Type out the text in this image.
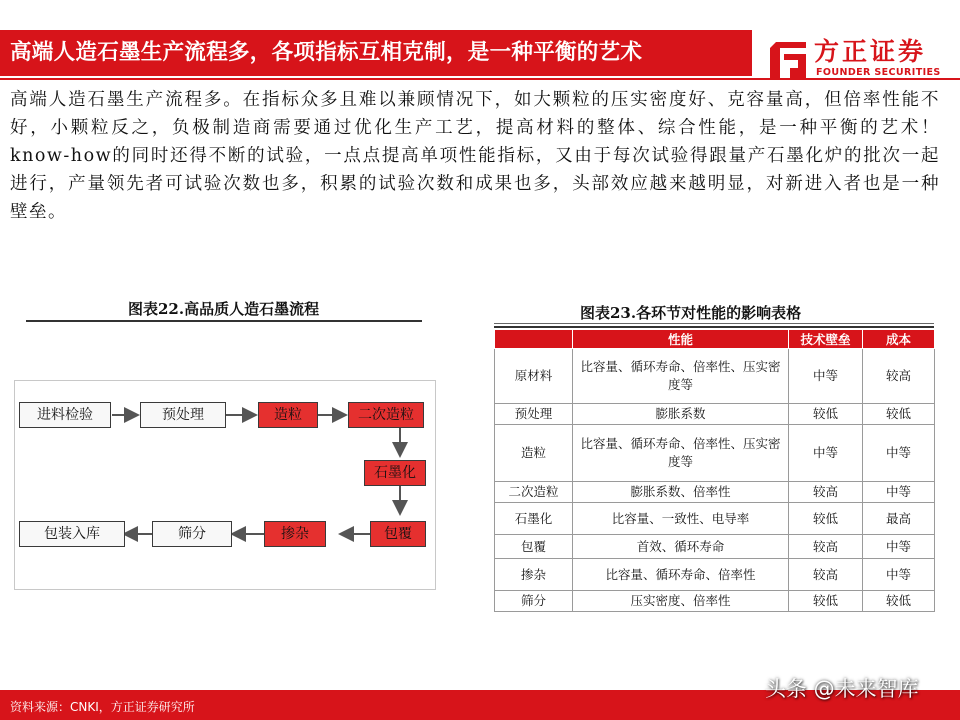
高端人造石墨生产流程多，各项指标互相克制，是一种平衡的艺术	方正证券
FOUNDER SECURITIES

高端人造石墨生产流程多。在指标众多且难以兼顾情况下，如大颗粒的压实密度好、克容量高，但倍率性能不好，小颗粒反之，负极制造商需要通过优化生产工艺，提高材料的整体、综合性能，是一种平衡的艺术！know-how的同时还得不断的试验，一点点提高单项性能指标，又由于每次试验得跟量产石墨化炉的批次一起进行，产量领先者可试验次数也多，积累的试验次数和成果也多，头部效应越来越明显，对新进入者也是一种壁垒。

图表22.高品质人造石墨流程
进料检验	预处理	造粒	二次造粒
石墨化
包覆
掺杂
筛分
包装入库
图表23.各环节对性能的影响表格
	性能	技术壁垒	成本
原材料	比容量、循环寿命、倍率性、压实密度等	中等	较高
预处理	膨胀系数	较低	较低
造粒	比容量、循环寿命、倍率性、压实密度等	中等	中等
二次造粒	膨胀系数、倍率性	较高	中等
石墨化	比容量、一致性、电导率	较低	最高
包覆	首效、循环寿命	较高	中等
掺杂	比容量、循环寿命、倍率性	较高	中等
筛分	压实密度、倍率性	较低	较低
资料来源：CNKI，方正证券研究所
头条 @未来智库
